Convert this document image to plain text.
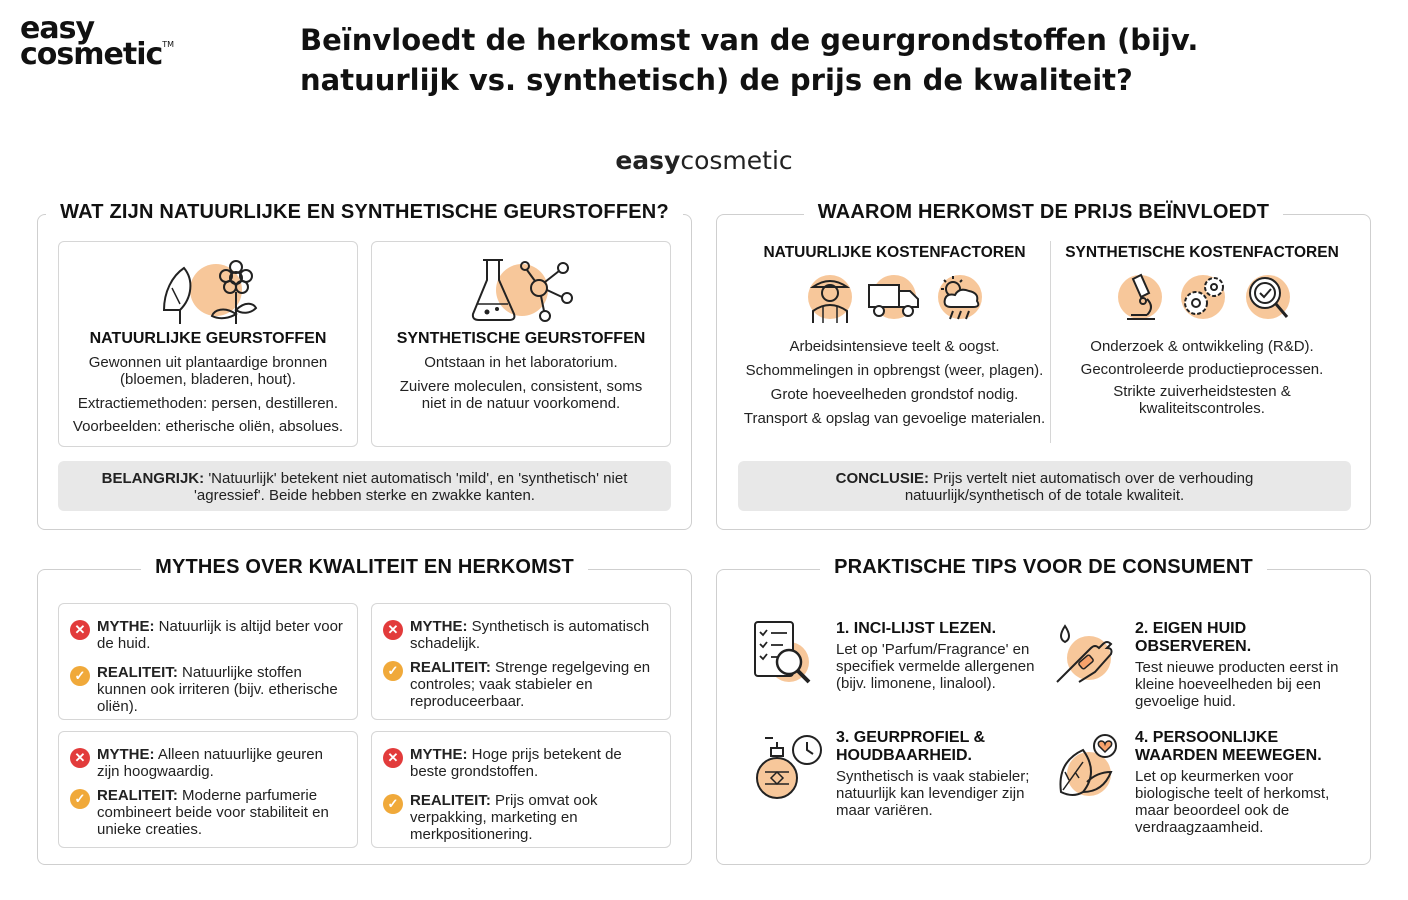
easy
cosmetic™	Beïnvloedt de herkomst van de geurgrondstoffen (bijv. natuurlijk vs. synthetisch) de prijs en de kwaliteit?
easycosmetic
WAT ZIJN NATUURLIJKE EN SYNTHETISCHE GEURSTOFFEN?
NATUURLIJKE GEURSTOFFEN
Gewonnen uit plantaardige bronnen (bloemen, bladeren, hout).
Extractiemethoden: persen, destilleren.
Voorbeelden: etherische oliën, absolues.
SYNTHETISCHE GEURSTOFFEN
Ontstaan in het laboratorium.
Zuivere moleculen, consistent, soms niet in de natuur voorkomend.
BELANGRIJK: 'Natuurlijk' betekent niet automatisch 'mild', en 'synthetisch' niet 'agressief'. Beide hebben sterke en zwakke kanten.
WAAROM HERKOMST DE PRIJS BEÏNVLOEDT
NATUURLIJKE KOSTENFACTOREN	SYNTHETISCHE KOSTENFACTOREN
Arbeidsintensieve teelt & oogst.
Schommelingen in opbrengst (weer, plagen).
Grote hoeveelheden grondstof nodig.
Transport & opslag van gevoelige materialen.
Onderzoek & ontwikkeling (R&D).
Gecontroleerde productieprocessen.
Strikte zuiverheidstesten & kwaliteitscontroles.
CONCLUSIE: Prijs vertelt niet automatisch over de verhouding natuurlijk/synthetisch of de totale kwaliteit.
MYTHES OVER KWALITEIT EN HERKOMST
✕ MYTHE: Natuurlijk is altijd beter voor de huid.
✓ REALITEIT: Natuurlijke stoffen kunnen ook irriteren (bijv. etherische oliën).
✕ MYTHE: Synthetisch is automatisch schadelijk.
✓ REALITEIT: Strenge regelgeving en controles; vaak stabieler en reproduceerbaar.
✕ MYTHE: Alleen natuurlijke geuren zijn hoogwaardig.
✓ REALITEIT: Moderne parfumerie combineert beide voor stabiliteit en unieke creaties.
✕ MYTHE: Hoge prijs betekent de beste grondstoffen.
✓ REALITEIT: Prijs omvat ook verpakking, marketing en merkpositionering.
PRAKTISCHE TIPS VOOR DE CONSUMENT
1. INCI-LIJST LEZEN.
Let op 'Parfum/Fragrance' en specifiek vermelde allergenen (bijv. limonene, linalool).
2. EIGEN HUID OBSERVEREN.
Test nieuwe producten eerst in kleine hoeveelheden bij een gevoelige huid.
3. GEURPROFIEL & HOUDBAARHEID.
Synthetisch is vaak stabieler; natuurlijk kan levendiger zijn maar variëren.
4. PERSOONLIJKE WAARDEN MEEWEGEN.
Let op keurmerken voor biologische teelt of herkomst, maar beoordeel ook de verdraagzaamheid.
